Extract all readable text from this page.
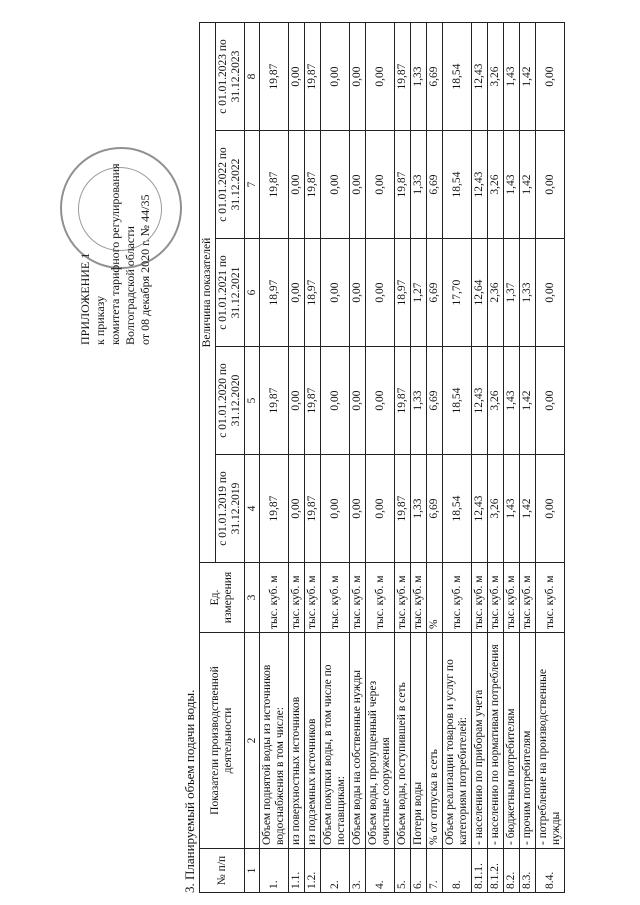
ПРИЛОЖЕНИЕ 1 к приказу комитета тарифного регулирования Волгоградской области от 08 декабря 2020 г. № 44/35
3. Планируемый объем подачи воды. № п/п	Показатели производственной деятельности	Ед. измерения	Величина показателей				
			с 01.01.2019 по 31.12.2019	с 01.01.2020 по 31.12.2020	с 01.01.2021 по 31.12.2021	с 01.01.2022 по 31.12.2022	с 01.01.2023 по 31.12.2023
1	2	3	4	5	6	7	8
1.	Объем поднятой воды из источников водоснабжения в том числе:	тыс. куб. м	19,87	19,87	18,97	19,87	19,87
1.1.	из поверхностных источников	тыс. куб. м	0,00	0,00	0,00	0,00	0,00
1.2.	из подземных источников	тыс. куб. м	19,87	19,87	18,97	19,87	19,87
2.	Объем покупки воды, в том числе по поставщикам:	тыс. куб. м	0,00	0,00	0,00	0,00	0,00
3.	Объем воды на собственные нужды	тыс. куб. м	0,00	0,00	0,00	0,00	0,00
4.	Объем воды, пропущенный через очистные сооружения	тыс. куб. м	0,00	0,00	0,00	0,00	0,00
5.	Объем воды, поступившей в сеть	тыс. куб. м	19,87	19,87	18,97	19,87	19,87
6.	Потери воды	тыс. куб. м	1,33	1,33	1,27	1,33	1,33
7.	% от отпуска в сеть	%	6,69	6,69	6,69	6,69	6,69
8.	Объем реализации товаров и услуг по категориям потребителей:	тыс. куб. м	18,54	18,54	17,70	18,54	18,54
8.1.1.	- населению по приборам учета	тыс. куб. м	12,43	12,43	12,64	12,43	12,43
8.1.2.	- населению по нормативам потребления	тыс. куб. м	3,26	3,26	2,36	3,26	3,26
8.2.	- бюджетным потребителям	тыс. куб. м	1,43	1,43	1,37	1,43	1,43
8.3.	- прочим потребителям	тыс. куб. м	1,42	1,42	1,33	1,42	1,42
8.4.	- потребление на производственные нужды	тыс. куб. м	0,00	0,00	0,00	0,00	0,00
